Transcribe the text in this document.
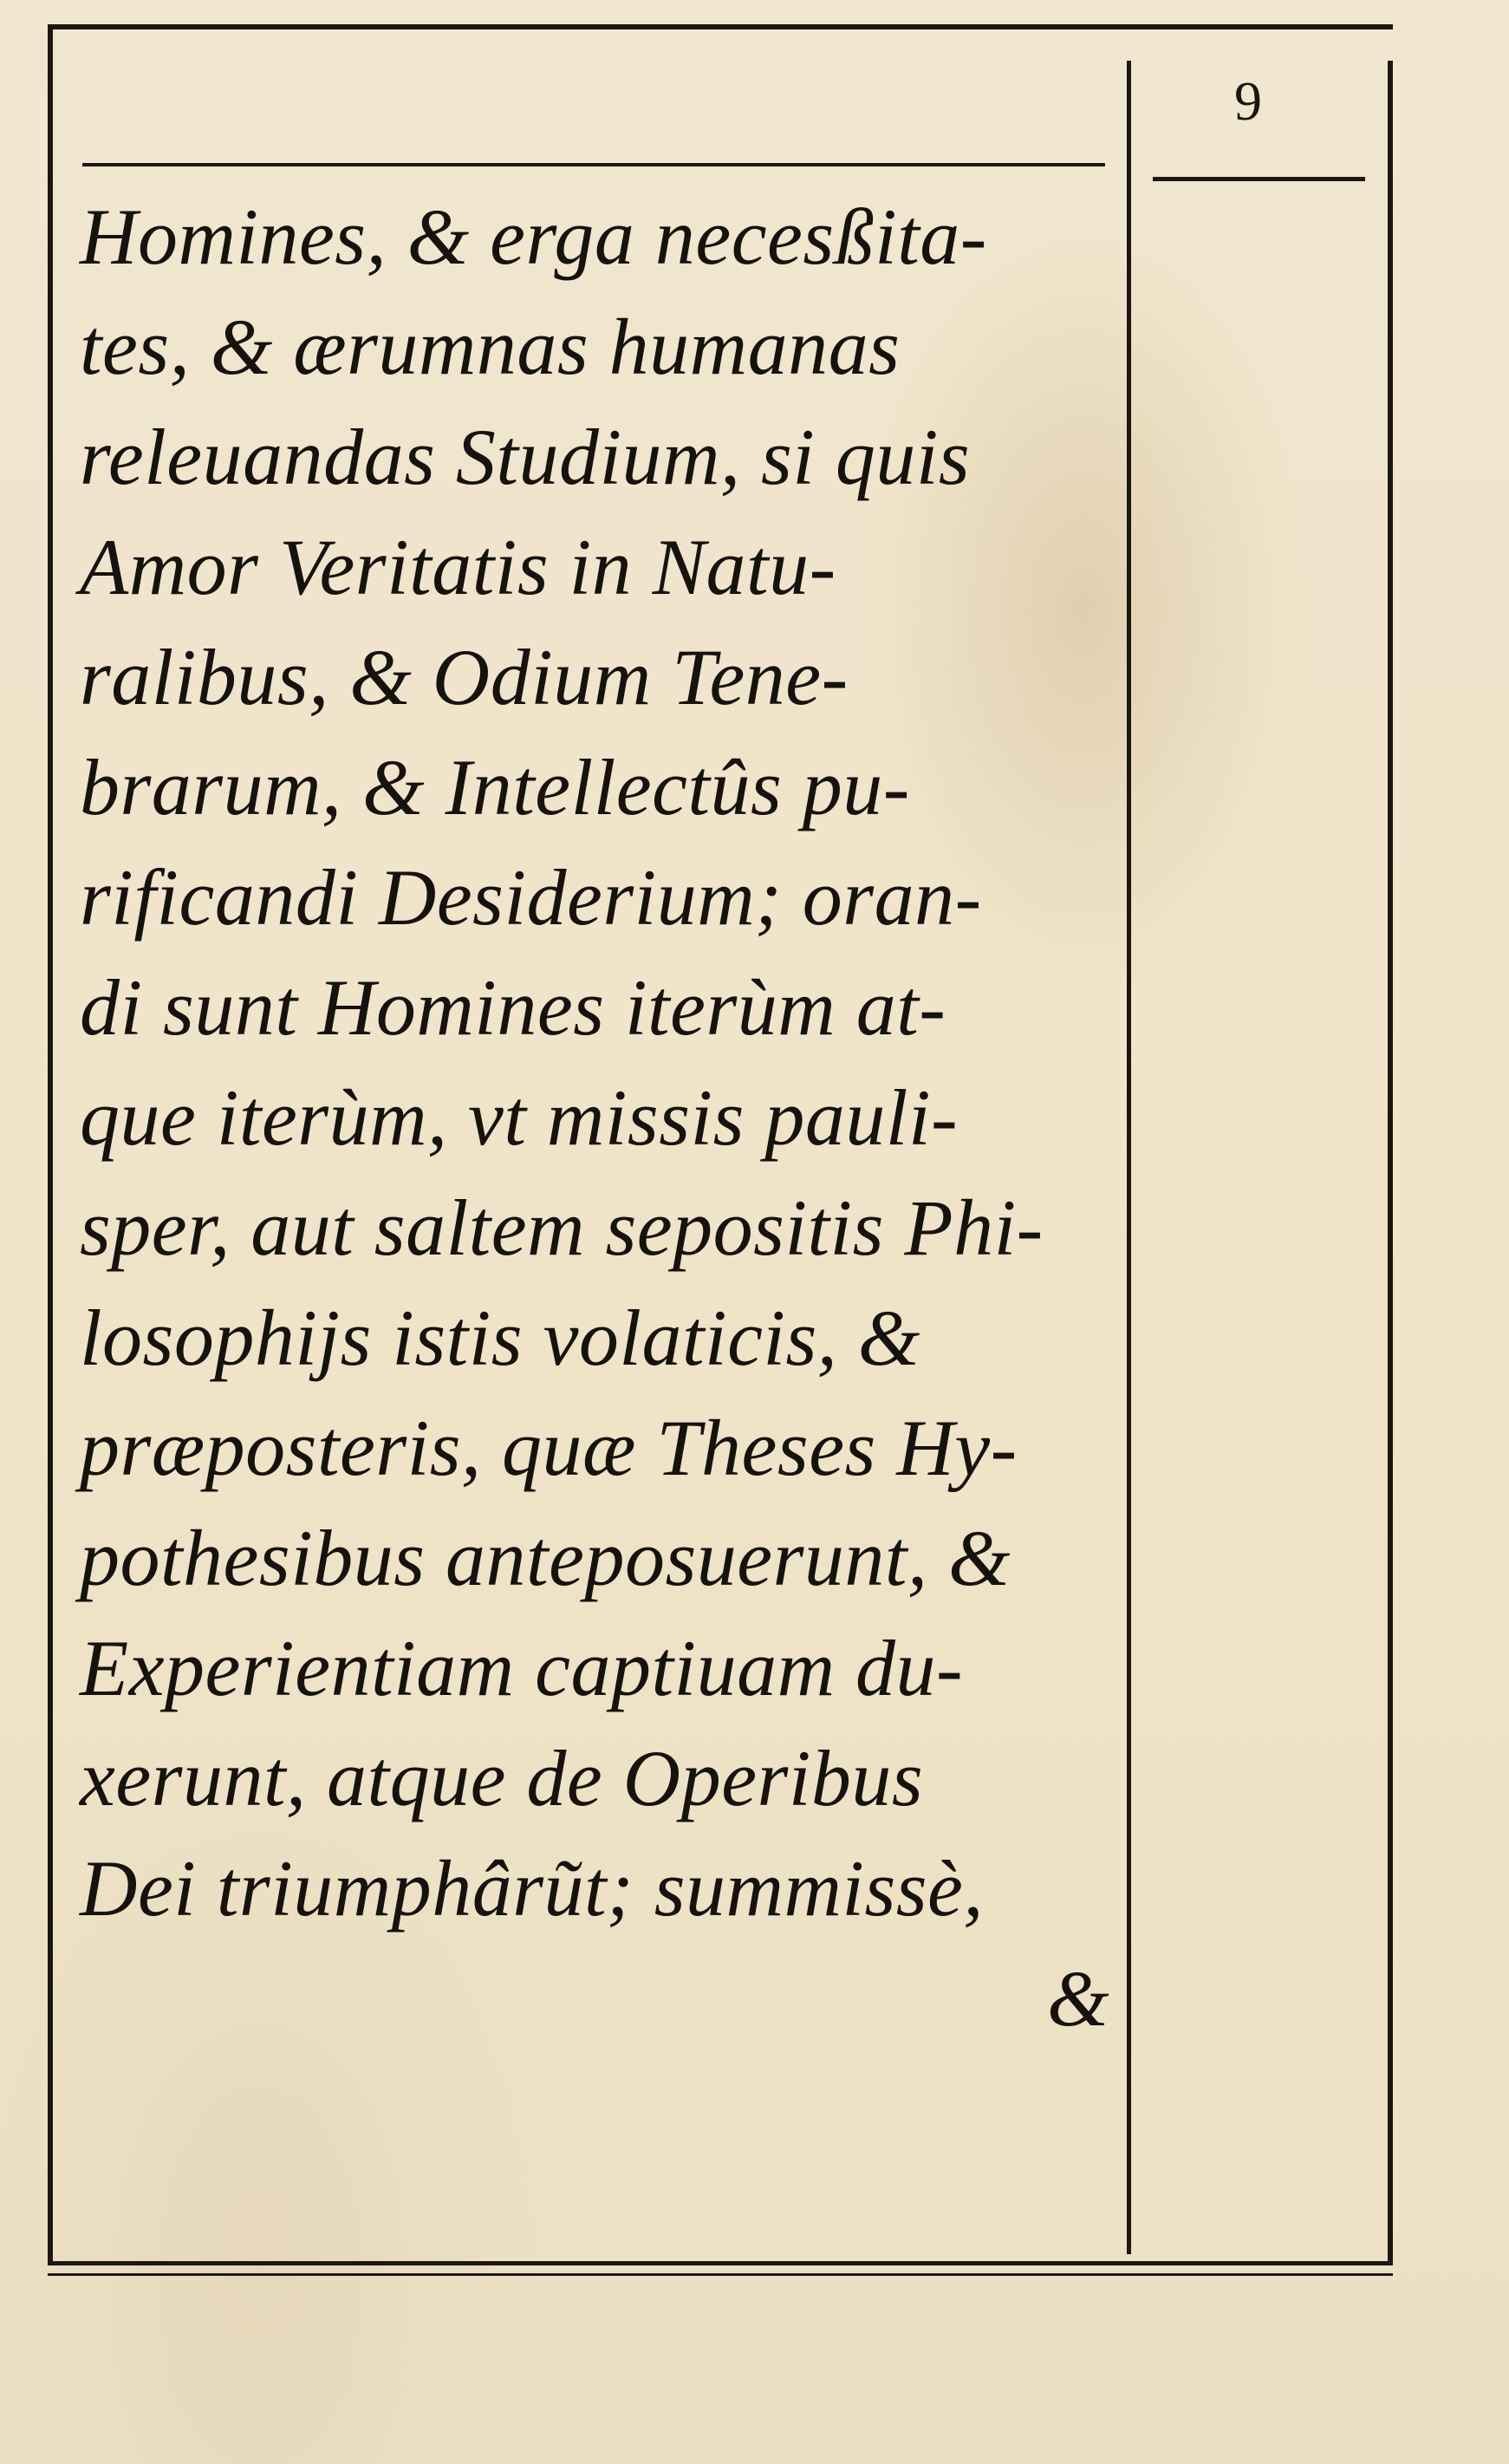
9
Homines, & erga necesßita-
tes, & ærumnas humanas
releuandas Studium, si quis
Amor Veritatis in Natu-
ralibus, & Odium Tene-
brarum, & Intellectûs pu-
rificandi Desiderium; oran-
di sunt Homines iterùm at-
que iterùm, vt missis pauli-
sper, aut saltem sepositis Phi-
losophijs istis volaticis, &
præposteris, quæ Theses Hy-
pothesibus anteposuerunt, &
Experientiam captiuam du-
xerunt, atque de Operibus
Dei triumphârũt; summissè,
&
